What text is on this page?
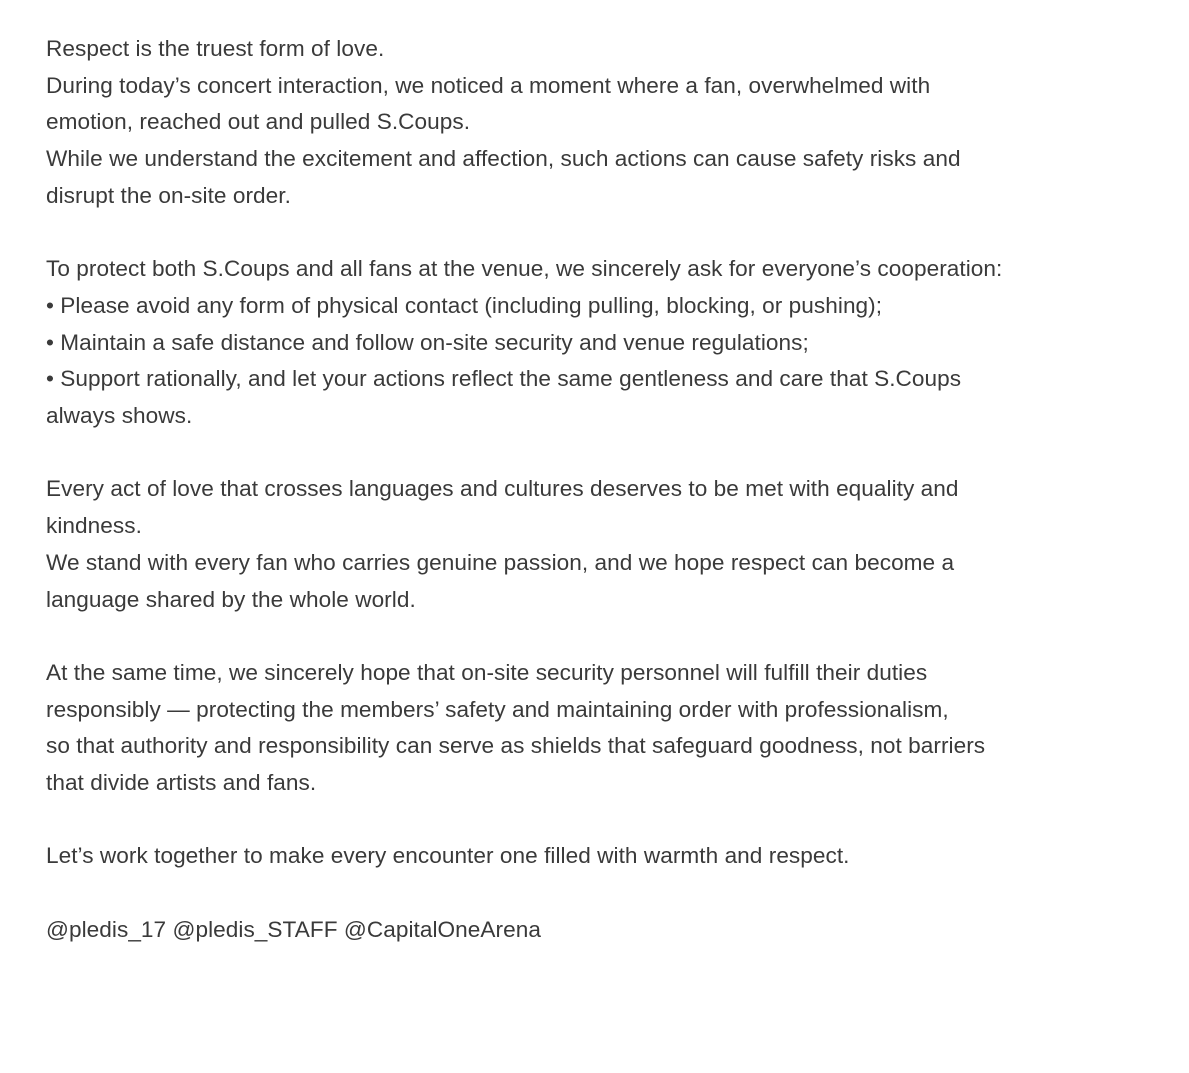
Respect is the truest form of love.
During today’s concert interaction, we noticed a moment where a fan, overwhelmed with
emotion, reached out and pulled S.Coups.
While we understand the excitement and affection, such actions can cause safety risks and
disrupt the on-site order.
To protect both S.Coups and all fans at the venue, we sincerely ask for everyone’s cooperation:
• Please avoid any form of physical contact (including pulling, blocking, or pushing);
• Maintain a safe distance and follow on-site security and venue regulations;
• Support rationally, and let your actions reflect the same gentleness and care that S.Coups
always shows.
Every act of love that crosses languages and cultures deserves to be met with equality and
kindness.
We stand with every fan who carries genuine passion, and we hope respect can become a
language shared by the whole world.
At the same time, we sincerely hope that on-site security personnel will fulfill their duties
responsibly — protecting the members’ safety and maintaining order with professionalism,
so that authority and responsibility can serve as shields that safeguard goodness, not barriers
that divide artists and fans.
Let’s work together to make every encounter one filled with warmth and respect.
@pledis_17 @pledis_STAFF @CapitalOneArena
